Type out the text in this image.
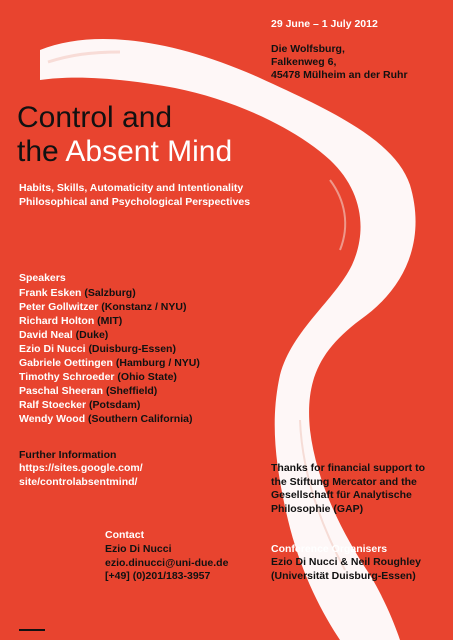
29 June – 1 July 2012

Die Wolfsburg,
Falkenweg 6,
45478 Mülheim an der Ruhr

Control and
the Absent Mind

Habits, Skills, Automaticity and Intentionality
Philosophical and Psychological Perspectives

Speakers

Frank Esken (Salzburg)
Peter Gollwitzer (Konstanz / NYU)
Richard Holton (MIT)
David Neal (Duke)
Ezio Di Nucci (Duisburg-Essen)
Gabriele Oettingen (Hamburg / NYU)
Timothy Schroeder (Ohio State)
Paschal Sheeran (Sheffield)
Ralf Stoecker (Potsdam)
Wendy Wood (Southern California)

Further Information

https://sites.google.com/
site/controlabsentmind/

Thanks for financial support to
the Stiftung Mercator and the
Gesellschaft für Analytische
Philosophie (GAP)

Contact

Ezio Di Nucci
ezio.dinucci@uni-due.de
[+49] (0)201/183-3957

Conference Organisers

Ezio Di Nucci & Neil Roughley
(Universität Duisburg-Essen)
